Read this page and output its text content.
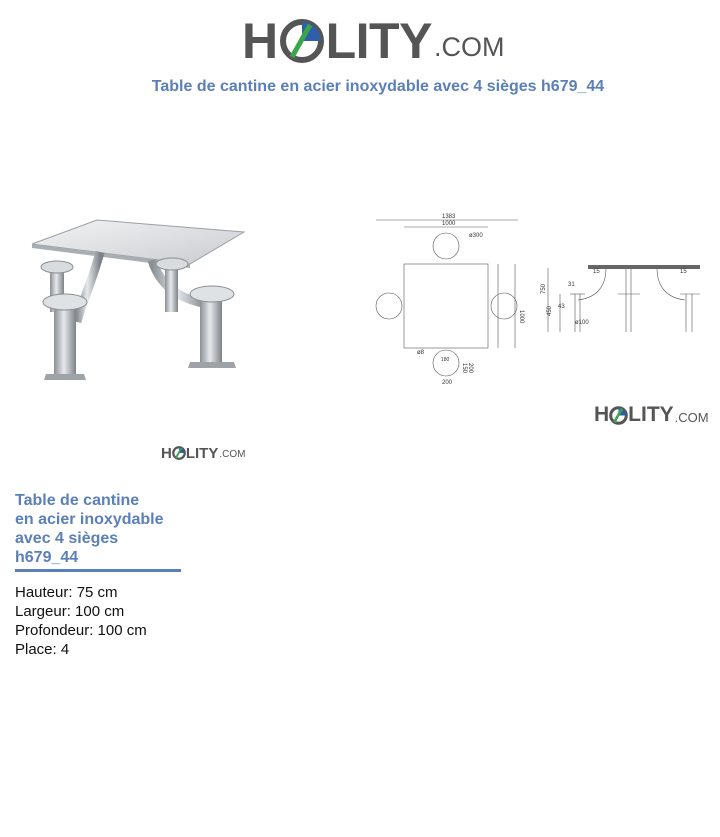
H LITY .COM
Table de cantine en acier inoxydable avec 4 sièges h679_44
1383
1000
ø300
1000
ø8
180
150 200
200
15	15
31
750
450 43
ø100
H LITY .COM
H LITY .COM
Table de cantine
en acier inoxydable
avec 4 sièges
h679_44
Hauteur: 75 cm
Largeur: 100 cm
Profondeur: 100 cm
Place: 4
